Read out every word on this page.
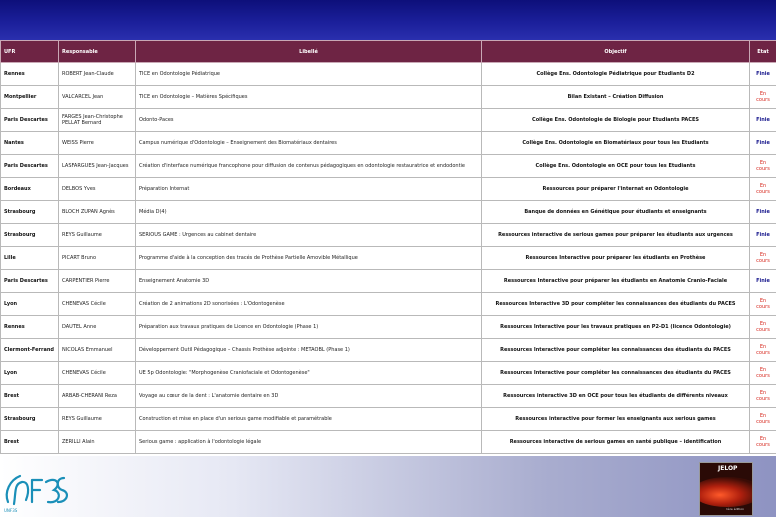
UFR	Responsable	Libellé	Objectif	Etat
Rennes	ROBERT Jean-Claude	TICE en Odontologie Pédiatrique	Collège Ens. Odontologie Pédiatrique pour Etudiants D2	Finie
Montpellier	VALCARCEL Jean	TICE en Odontologie – Matières Spécifiques	Bilan Existant – Création Diffusion	En cours
Paris Descartes	FARGES Jean-Christophe PELLAT Bernard	Odonto-Paces	Collège Ens. Odontologie de Biologie pour Etudiants PACES	Finie
Nantes	WEISS Pierre	Campus numérique d'Odontologie – Enseignement des Biomatériaux dentaires	Collège Ens. Odontologie en Biomatériaux pour tous les Etudiants	Finie
Paris Descartes	LASFARGUES Jean-Jacques	Création d'interface numérique francophone pour diffusion de contenus pédagogiques en odontologie restauratrice et endodontie	Collège Ens. Odontologie en OCE pour tous les Etudiants	En cours
Bordeaux	DELBOS Yves	Préparation Internat	Ressources pour préparer l'internat en Odontologie	En cours
Strasbourg	BLOCH ZUPAN Agnès	Média D(4)	Banque de données en Génétique pour étudiants et enseignants	Finie
Strasbourg	REYS Guillaume	SERIOUS GAME : Urgences au cabinet dentaire	Ressources interactive de serious games pour préparer les étudiants aux urgences	Finie
Lille	PICART Bruno	Programme d'aide à la conception des tracés de Prothèse Partielle Amovible Métallique	Ressources Interactive pour préparer les étudiants en Prothèse	En cours
Paris Descartes	CARPENTIER Pierre	Enseignement Anatomie 3D	Ressources Interactive pour préparer les étudiants en Anatomie Cranio-Faciale	Finie
Lyon	CHENEVAS Cécile	Création de 2 animations 2D sonorisées : L'Odontogenèse	Ressources Interactive 3D pour compléter les connaissances des étudiants du PACES	En cours
Rennes	DAUTEL Anne	Préparation aux travaux pratiques de Licence en Odontologie (Phase 1)	Ressources Interactive pour les travaux pratiques en P2-D1 (licence Odontologie)	En cours
Clermont-Ferrand	NICOLAS Emmanuel	Développement Outil Pédagogique – Chassis Prothèse adjointe : METAOBL (Phase 1)	Ressources Interactive pour compléter les connaissances des étudiants du PACES	En cours
Lyon	CHENEVAS Cécile	UE 5p Odontologie: "Morphogenèse Craniofaciale et Odontogenèse"	Ressources Interactive pour compléter les connaissances des étudiants du PACES	En cours
Brest	ARBAB-CHERANI Reza	Voyage au cœur de la dent : L'anatomie dentaire en 3D	Ressources interactive 3D en OCE pour tous les étudiants de différents niveaux	En cours
Strasbourg	REYS Guillaume	Construction et mise en place d'un serious game modifiable et paramétrable	Ressources interactive pour former les enseignants aux serious games	En cours
Brest	ZERILLI Alain	Serious game : application à l'odontologie légale	Ressources interactive de serious games en santé publique – identification	En cours
UNF3S
JELOP
1ère édition
